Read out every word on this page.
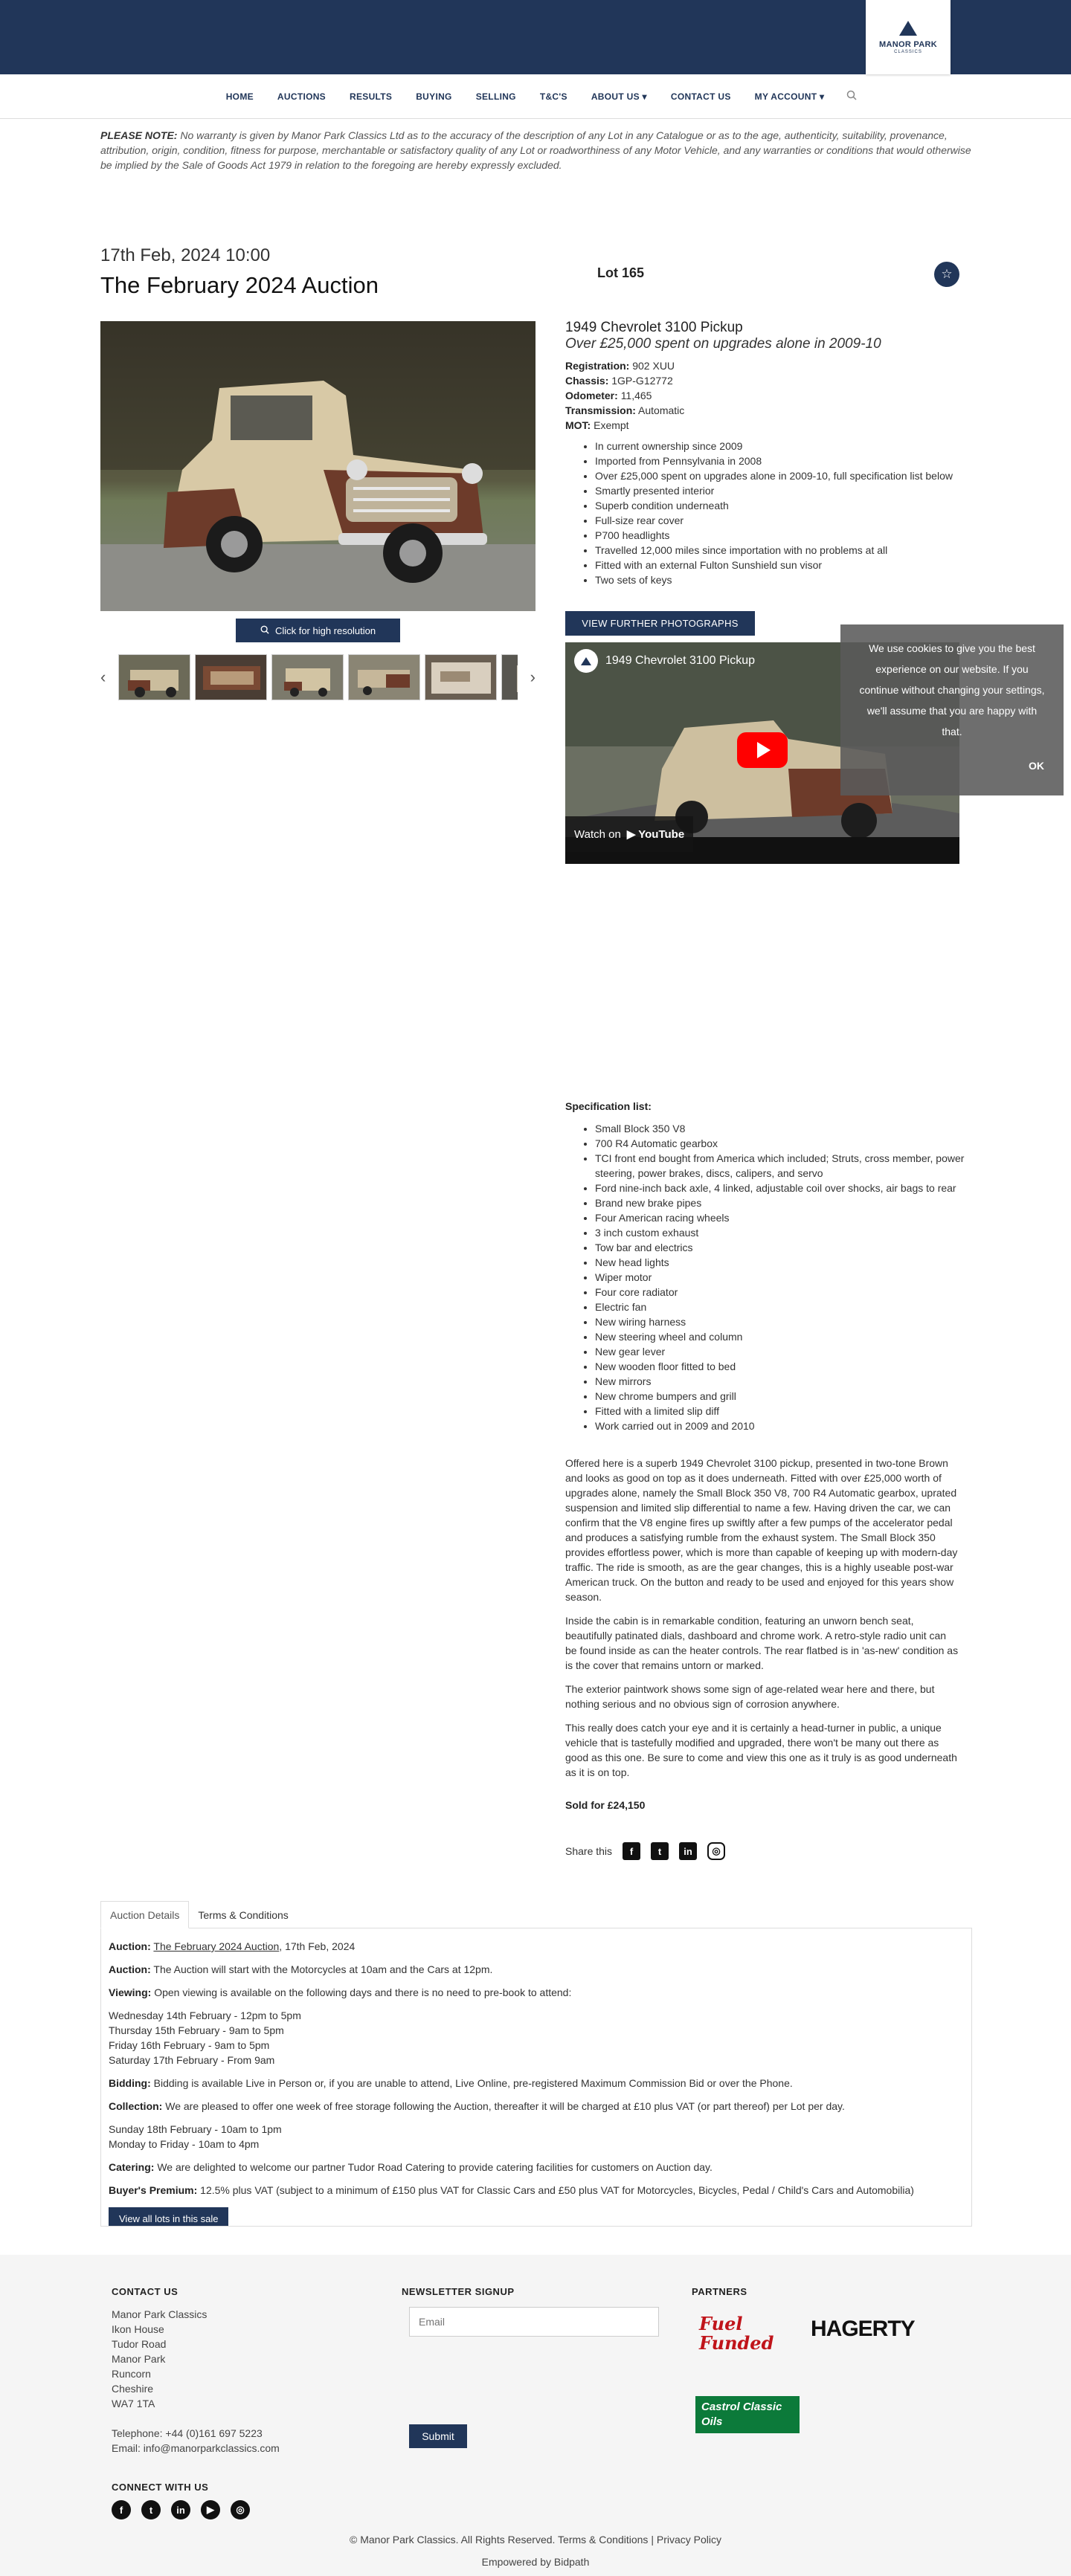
MANOR PARK
CLASSICS
HOME	AUCTIONS	RESULTS	BUYING	SELLING	T&C'S	ABOUT US ▾	CONTACT US	MY ACCOUNT ▾
PLEASE NOTE: No warranty is given by Manor Park Classics Ltd as to the accuracy of the description of any Lot in any Catalogue or as to the age, authenticity, suitability, provenance, attribution, origin, condition, fitness for purpose, merchantable or satisfactory quality of any Lot or roadworthiness of any Motor Vehicle, and any warranties or conditions that would otherwise be implied by the Sale of Goods Act 1979 in relation to the foregoing are hereby expressly excluded.
17th Feb, 2024 10:00
The February 2024 Auction	Lot 165	☆
Click for high resolution
‹	›
1949 Chevrolet 3100 Pickup
Over £25,000 spent on upgrades alone in 2009-10
Registration: 902 XUU
Chassis: 1GP-G12772
Odometer: 11,465
Transmission: Automatic
MOT: Exempt
• In current ownership since 2009
• Imported from Pennsylvania in 2008
• Over £25,000 spent on upgrades alone in 2009-10, full specification list below
• Smartly presented interior
• Superb condition underneath
• Full-size rear cover
• P700 headlights
• Travelled 12,000 miles since importation with no problems at all
• Fitted with an external Fulton Sunshield sun visor
• Two sets of keys
VIEW FURTHER PHOTOGRAPHS
1949 Chevrolet 3100 Pickup
Watch on ▶ YouTube
We use cookies to give you the best experience on our website. If you continue without changing your settings, we'll assume that you are happy with that.
OK
Specification list:
• Small Block 350 V8
• 700 R4 Automatic gearbox
• TCI front end bought from America which included; Struts, cross member, power steering, power brakes, discs, calipers, and servo
• Ford nine-inch back axle, 4 linked, adjustable coil over shocks, air bags to rear
• Brand new brake pipes
• Four American racing wheels
• 3 inch custom exhaust
• Tow bar and electrics
• New head lights
• Wiper motor
• Four core radiator
• Electric fan
• New wiring harness
• New steering wheel and column
• New gear lever
• New wooden floor fitted to bed
• New mirrors
• New chrome bumpers and grill
• Fitted with a limited slip diff
• Work carried out in 2009 and 2010

Offered here is a superb 1949 Chevrolet 3100 pickup, presented in two-tone Brown and looks as good on top as it does underneath. Fitted with over £25,000 worth of upgrades alone, namely the Small Block 350 V8, 700 R4 Automatic gearbox, uprated suspension and limited slip differential to name a few. Having driven the car, we can confirm that the V8 engine fires up swiftly after a few pumps of the accelerator pedal and produces a satisfying rumble from the exhaust system. The Small Block 350 provides effortless power, which is more than capable of keeping up with modern-day traffic. The ride is smooth, as are the gear changes, this is a highly useable post-war American truck. On the button and ready to be used and enjoyed for this years show season.

Inside the cabin is in remarkable condition, featuring an unworn bench seat, beautifully patinated dials, dashboard and chrome work. A retro-style radio unit can be found inside as can the heater controls. The rear flatbed is in 'as-new' condition as is the cover that remains untorn or marked.

The exterior paintwork shows some sign of age-related wear here and there, but nothing serious and no obvious sign of corrosion anywhere.

This really does catch your eye and it is certainly a head-turner in public, a unique vehicle that is tastefully modified and upgraded, there won't be many out there as good as this one. Be sure to come and view this one as it truly is as good underneath as it is on top.

Sold for £24,150
Share this	f	t	in	◎
Auction Details	Terms & Conditions

Auction: The February 2024 Auction, 17th Feb, 2024

Auction: The Auction will start with the Motorcycles at 10am and the Cars at 12pm.

Viewing: Open viewing is available on the following days and there is no need to pre-book to attend:

Wednesday 14th February - 12pm to 5pm
Thursday 15th February - 9am to 5pm
Friday 16th February - 9am to 5pm
Saturday 17th February - From 9am

Bidding: Bidding is available Live in Person or, if you are unable to attend, Live Online, pre-registered Maximum Commission Bid or over the Phone.

Collection: We are pleased to offer one week of free storage following the Auction, thereafter it will be charged at £10 plus VAT (or part thereof) per Lot per day.

Sunday 18th February - 10am to 1pm
Monday to Friday - 10am to 4pm

Catering: We are delighted to welcome our partner Tudor Road Catering to provide catering facilities for customers on Auction day.

Buyer's Premium: 12.5% plus VAT (subject to a minimum of £150 plus VAT for Classic Cars and £50 plus VAT for Motorcycles, Bicycles, Pedal / Child's Cars and Automobilia)

View all lots in this sale
CONTACT US
Manor Park Classics
Ikon House
Tudor Road
Manor Park
Runcorn
Cheshire
WA7 1TA
Telephone: +44 (0)161 697 5223
Email: info@manorparkclassics.com
NEWSLETTER SIGNUP
Email
Submit
PARTNERS
Fuel Funded
HAGERTY
Castrol Classic Oils
CONNECT WITH US
f	t	in	▶	◎
© Manor Park Classics. All Rights Reserved. Terms & Conditions | Privacy Policy
Empowered by Bidpath
